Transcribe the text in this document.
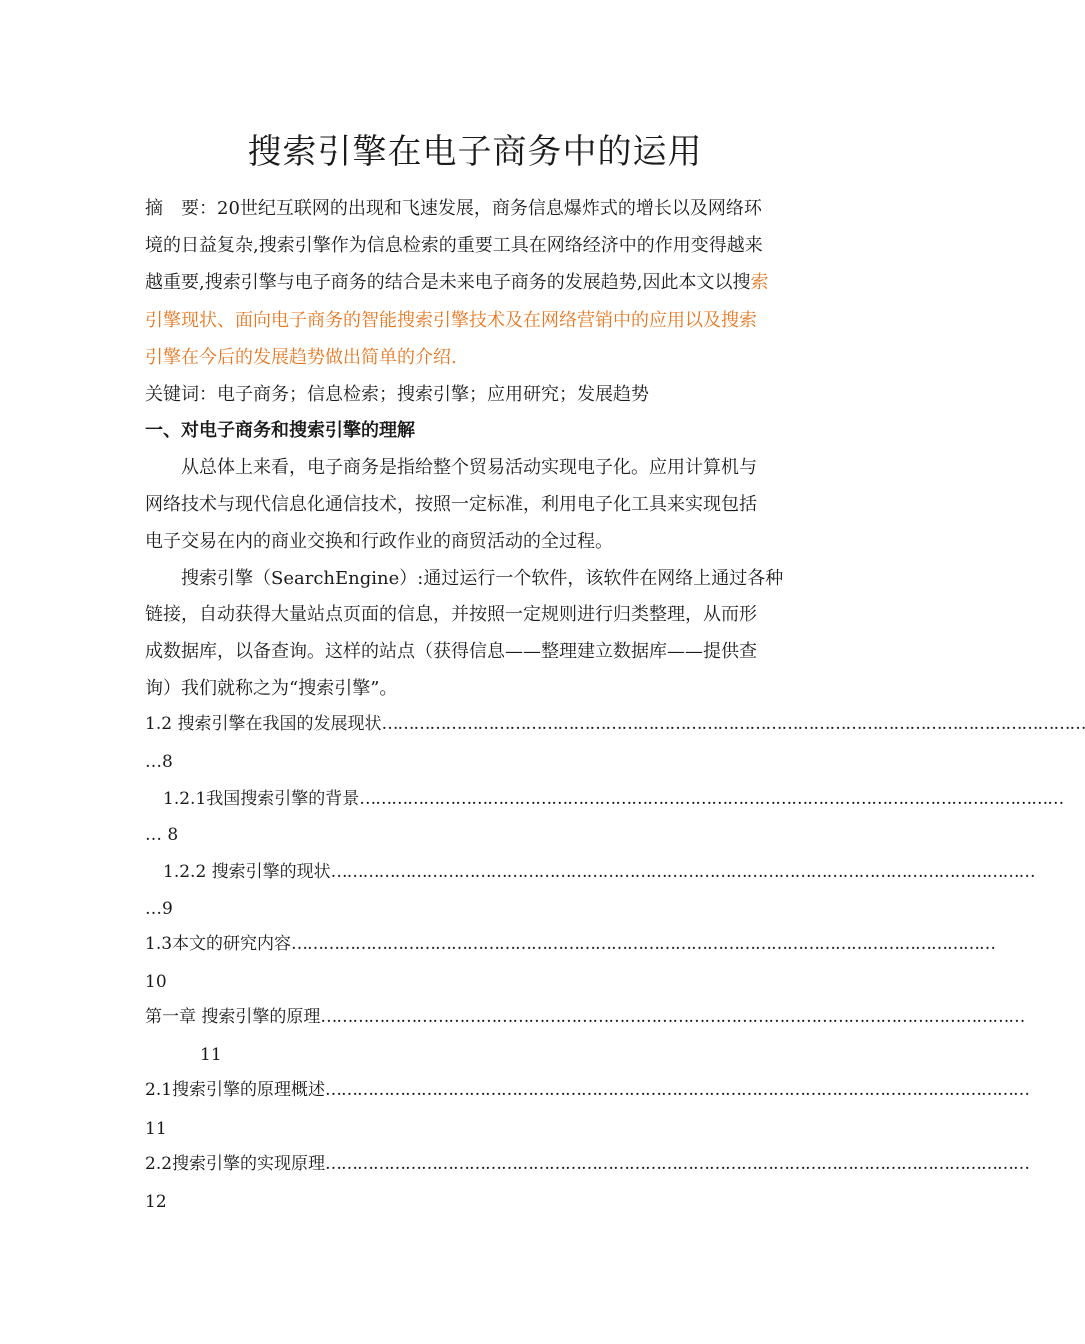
搜索引擎在电子商务中的运用
摘　要：20世纪互联网的出现和飞速发展，商务信息爆炸式的增长以及网络环
境的日益复杂,搜索引擎作为信息检索的重要工具在网络经济中的作用变得越来
越重要,搜索引擎与电子商务的结合是未来电子商务的发展趋势,因此本文以搜索
引擎现状、面向电子商务的智能搜索引擎技术及在网络营销中的应用以及搜索
引擎在今后的发展趋势做出简单的介绍.
关键词：电子商务；信息检索；搜索引擎；应用研究；发展趋势
一、对电子商务和搜索引擎的理解
从总体上来看，电子商务是指给整个贸易活动实现电子化。应用计算机与
网络技术与现代信息化通信技术，按照一定标准，利用电子化工具来实现包括
电子交易在内的商业交换和行政作业的商贸活动的全过程。
搜索引擎（SearchEngine）:通过运行一个软件，该软件在网络上通过各种
链接，自动获得大量站点页面的信息，并按照一定规则进行归类整理，从而形
成数据库，以备查询。这样的站点（获得信息——整理建立数据库——提供查
询）我们就称之为“搜索引擎”。
1.2 搜索引擎在我国的发展现状……………………………………………………………………………………………………………………
…8
1.2.1我国搜索引擎的背景……………………………………………………………………………………………………………………
… 8
1.2.2 搜索引擎的现状……………………………………………………………………………………………………………………
…9
1.3本文的研究内容……………………………………………………………………………………………………………………
10
第一章 搜索引擎的原理……………………………………………………………………………………………………………………
11
2.1搜索引擎的原理概述……………………………………………………………………………………………………………………
11
2.2搜索引擎的实现原理……………………………………………………………………………………………………………………
12
